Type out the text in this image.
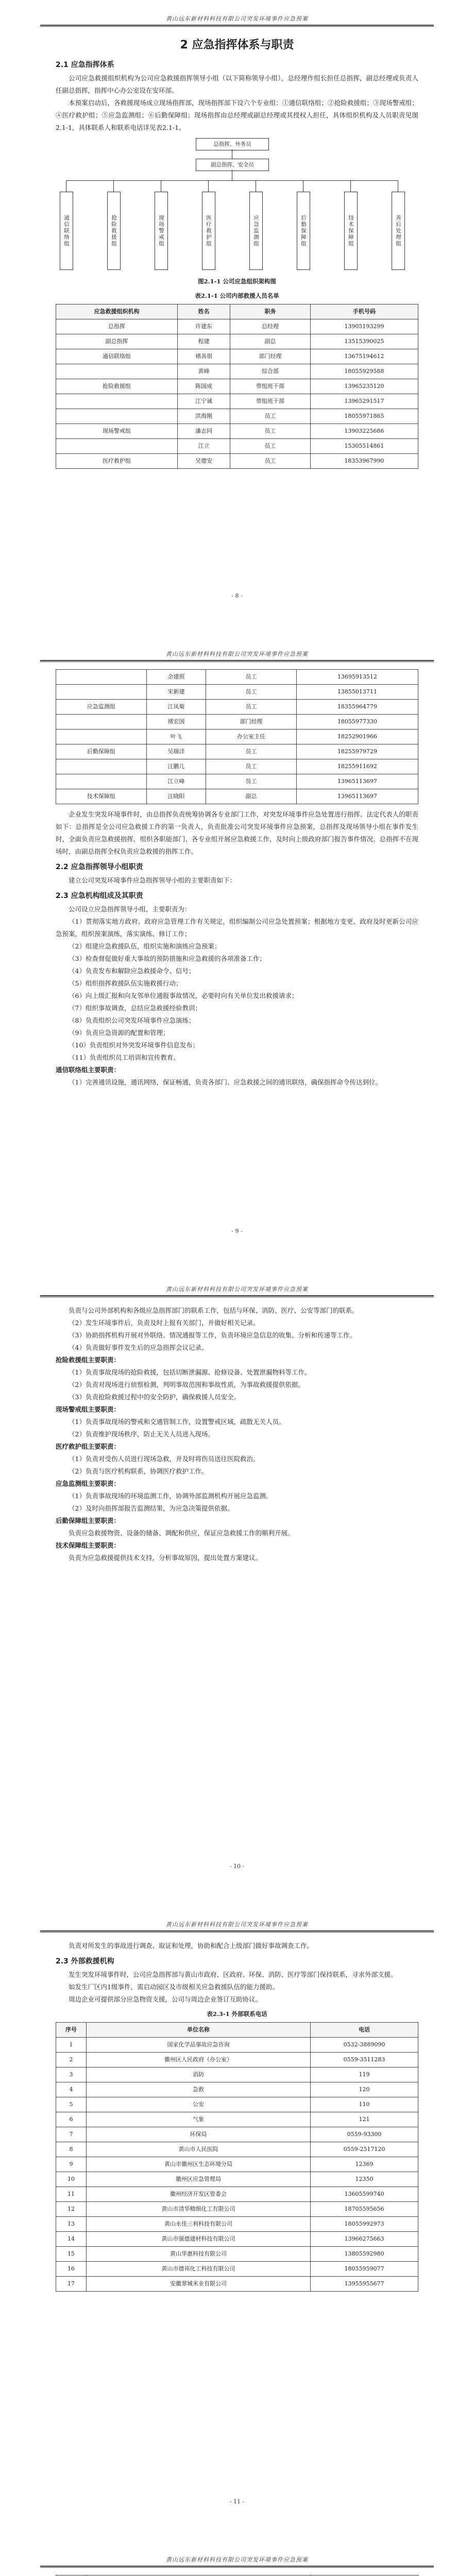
黄山远东新材料科技有限公司突发环境事件应急预案
2 应急指挥体系与职责
2.1 应急指挥体系

公司应急救援组织机构为公司应急救援指挥领导小组（以下简称领导小组），总经理作组长担任总指挥，副总经理或负责人任副总指挥，指挥中心办公室设在安环部。

本预案启动后，各救援现场成立现场指挥部，现场指挥部下设六个专业组：①通信联络组；②抢险救援组；③现场警戒组；④医疗救护组；⑤应急监测组；⑥后勤保障组；现场指挥由总经理或副总经理或其授权人担任，具体组织机构及人员职责见图2.1-1，具体联系人和联系电话详见表2.1-1。

总指挥、外务员
副总指挥、安全员
通信联络组	抢险救援组	现场警戒组	医疗救护组	应急监测组	后勤保障组	技术保障组	善后处理组
图2.1-1 公司应急组织架构图
表2.1-1 公司内部救援人员名单
应急救援组织机构	姓名	职务	手机号码
总指挥	许建东	总经理	13905193299
副总指挥	程建	副总	13515390025
通信联络组	褚善朋	部门经理	13675194612
	黄峰	综合部	18055929588
抢险救援组	陈国成	带组班干部	13965235120
	江宁诚	带组班干部	13965291517
	洪海刚	员工	18055971865
现场警戒组	潘志同	员工	13903225686
	江立	员工	15305514861
医疗救护组	吴德安	员工	18353967990
- 8 -
黄山远东新材料科技有限公司突发环境事件应急预案
	余建照	员工	13695913512
	宋新建	员工	13855013711
应急监测组	江凤菊	员工	18355964779
	褚宏国	部门经理	18055977330
	叶飞	办公室主任	18252901966
后勤保障组	吴瑞洋	员工	18255979729
	汪鹏儿	员工	18255911692
	江立峰	员工	13965113697
技术保障组	汪晓阳	副总	13965113697

企业发生突发环境事件时，由总指挥负责统筹协调各专业部门工作，对突发环境事件应急处置进行指挥。法定代表人的职责如下：总指挥是全公司应急救援工作的第一负责人，负责批准公司突发环境事件应急预案，总指挥及现场领导小组在事件发生时，全面负责应急救援指挥，组织各职能部门、各专业组开展应急救援工作，及时向上级政府部门报告事件情况。总指挥不在现场时，由副总指挥全权负责应急救援的指挥工作。

2.2 应急指挥领导小组职责

建立公司突发环境事件应急指挥领导小组的主要职责如下：

2.3 应急机构组成及其职责

公司设立应急指挥领导小组，主要职责为：

（1）贯彻落实地方政府、政府应急管理工作有关规定，组织编制公司应急处置预案；根据地方变更、政府及时更新公司应急预案，组织预案演练，落实演练、修订工作；

（2）组建应急救援队伍，组织实施和演练应急预案；

（3）检查督促做好重大事故的预防措施和应急救援的各项准备工作；

（4）负责发布和解除应急救援命令、信号；

（5）组织指挥救援队伍实施救援行动；

（6）向上级汇报和向友邻单位通报事故情况，必要时向有关单位发出救援请求；

（7）组织事故调查，总结应急救援经验教训；

（8）负责组织公司突发环境事件应急演练；

（9）负责应急资源的配置和管理；

（10）负责组织对外突发环境事件信息发布；

（11）负责组织员工培训和宣传教育。

通信联络组主要职责：

（1）完善通讯设施，通讯网络，保证畅通，负责各部门、应急救援之间的通讯联络，确保指挥命令传达到位。

- 9 -
黄山远东新材料科技有限公司突发环境事件应急预案

负责与公司外部机构和各级应急指挥部门的联系工作，包括与环保、消防、医疗、公安等部门的联系。

（2）发生环境事件后，负责及时上报有关部门，并做好相关记录。

（3）协助指挥机构开展对外联络、情况通报等工作，负责环境应急信息的收集、分析和传递等工作。

（4）负责做好事件发生后的应急指挥会议记录。

抢险救援组主要职责：

（1）负责事故现场的抢险救援，包括切断泄漏源、抢修设备、处置泄漏物料等工作。

（2）负责对现场进行侦察检测，判明事故范围和事故性质，为事故救援提供依据。

（3）负责抢险救援过程中的安全防护，确保救援人员安全。

现场警戒组主要职责：

（1）负责事故现场的警戒和交通管制工作，设置警戒区域，疏散无关人员。

（2）负责维护现场秩序，防止无关人员进入现场。

医疗救护组主要职责：

（1）负责对受伤人员进行现场急救，并及时将伤员送往医院救治。

（2）负责与医疗机构联系，协调医疗救护工作。

应急监测组主要职责：

（1）负责事故现场的环境监测工作，协调外部监测机构开展应急监测。

（2）及时向指挥部报告监测结果，为应急决策提供依据。

后勤保障组主要职责：

负责应急救援物资、设备的储备、调配和供应，保证应急救援工作的顺利开展。

技术保障组主要职责：

负责为应急救援提供技术支持，分析事故原因，提出处置方案建议。

- 10 -
黄山远东新材料科技有限公司突发环境事件应急预案

负责对所发生的事故进行调查、取证和处理，协助和配合上级部门做好事故调查工作。

2.3 外部救援机构

发生突发环境事件时，公司应急指挥部与黄山市政府、区政府、环保、消防、医疗等部门保持联系，寻求外部支援。

如发生厂区内1级事件，需启动园区及市级相关应急救援队伍的能力援助。

周边企业可提供部分应急物资支援，公司与周边企业签订互助协议。

表2.3-1 外部联系电话
序号	单位名称	电话
1	国家化学品事故应急咨询	0532-3889090
2	徽州区人民政府（办公室）	0559-3511283
3	消防	119
4	急救	120
5	公安	110
6	气象	121
7	环保局	0559-93300
8	黄山市人民医院	0559-2517120
9	黄山市徽州区生态环境分局	12369
10	徽州区应急管理局	12350
11	徽州经济开发区管委会	13605599740
12	黄山市清华精细化工有限公司	18705595656
13	黄山永佳三利科技有限公司	18055992973
14	黄山市强德建材科技有限公司	13966275663
15	黄山华惠科技有限公司	13805592980
16	黄山市德邦化工科技有限公司	18055959077
17	安徽翠城米业有限公司	13955955677
- 11 -
黄山远东新材料科技有限公司突发环境事件应急预案
